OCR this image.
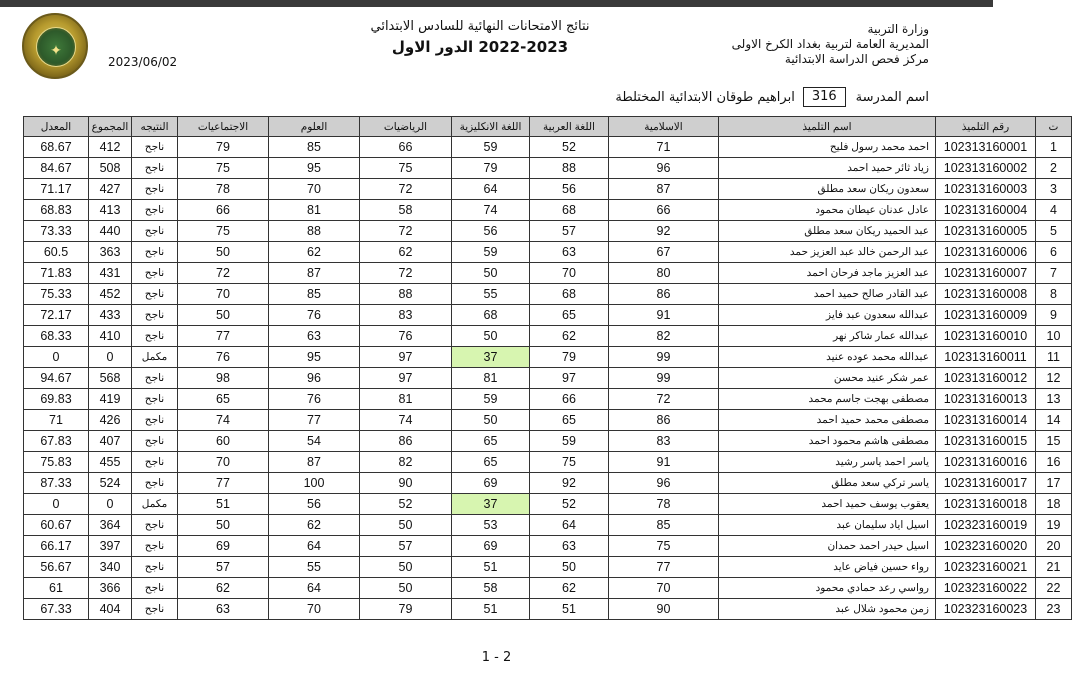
✦
2023/06/02
وزارة التربية
المديرية العامة لتربية بغداد الكرخ الاولى
مركز فحص الدراسة الابتدائية
نتائج الامتحانات النهائية للسادس الابتدائي
2022-2023 الدور الاول
اسم المدرسة
316
ابراهيم طوقان الابتدائية المختلطة
ت	رقم التلميذ	اسم التلميذ	الاسلامية	اللغة العربية	اللغة الانكليزية	الرياضيات	العلوم	الاجتماعيات	النتيجه	المجموع	المعدل
1	102313160001	احمد محمد رسول فليح	71	52	59	66	85	79	ناجح	412	68.67
2	102313160002	زياد ثائر حميد احمد	96	88	79	75	95	75	ناجح	508	84.67
3	102313160003	سعدون ريكان سعد مطلق	87	56	64	72	70	78	ناجح	427	71.17
4	102313160004	عادل عدنان عيطان محمود	66	68	74	58	81	66	ناجح	413	68.83
5	102313160005	عبد الحميد ريكان سعد مطلق	92	57	56	72	88	75	ناجح	440	73.33
6	102313160006	عبد الرحمن خالد عبد العزيز حمد	67	63	59	62	62	50	ناجح	363	60.5
7	102313160007	عبد العزيز ماجد فرحان احمد	80	70	50	72	87	72	ناجح	431	71.83
8	102313160008	عبد القادر صالح حميد احمد	86	68	55	88	85	70	ناجح	452	75.33
9	102313160009	عبدالله سعدون عبد فايز	91	65	68	83	76	50	ناجح	433	72.17
10	102313160010	عبدالله عمار شاكر نهر	82	62	50	76	63	77	ناجح	410	68.33
11	102313160011	عبدالله محمد عوده عنيد	99	79	37	97	95	76	مكمل	0	0
12	102313160012	عمر شكر عنيد محسن	99	97	81	97	96	98	ناجح	568	94.67
13	102313160013	مصطفى بهجت جاسم محمد	72	66	59	81	76	65	ناجح	419	69.83
14	102313160014	مصطفى محمد حميد احمد	86	65	50	74	77	74	ناجح	426	71
15	102313160015	مصطفى هاشم محمود احمد	83	59	65	86	54	60	ناجح	407	67.83
16	102313160016	ياسر احمد ياسر رشيد	91	75	65	82	87	70	ناجح	455	75.83
17	102313160017	ياسر تركي سعد مطلق	96	92	69	90	100	77	ناجح	524	87.33
18	102313160018	يعقوب يوسف حميد احمد	78	52	37	52	56	51	مكمل	0	0
19	102323160019	اسيل اياد سليمان عبد	85	64	53	50	62	50	ناجح	364	60.67
20	102323160020	اسيل حيدر احمد حمدان	75	63	69	57	64	69	ناجح	397	66.17
21	102323160021	رواء حسين فياض عايد	77	50	51	50	55	57	ناجح	340	56.67
22	102323160022	رواسي رعد حمادي محمود	70	62	58	50	64	62	ناجح	366	61
23	102323160023	زمن محمود شلال عبد	90	51	51	79	70	63	ناجح	404	67.33
1 - 2
